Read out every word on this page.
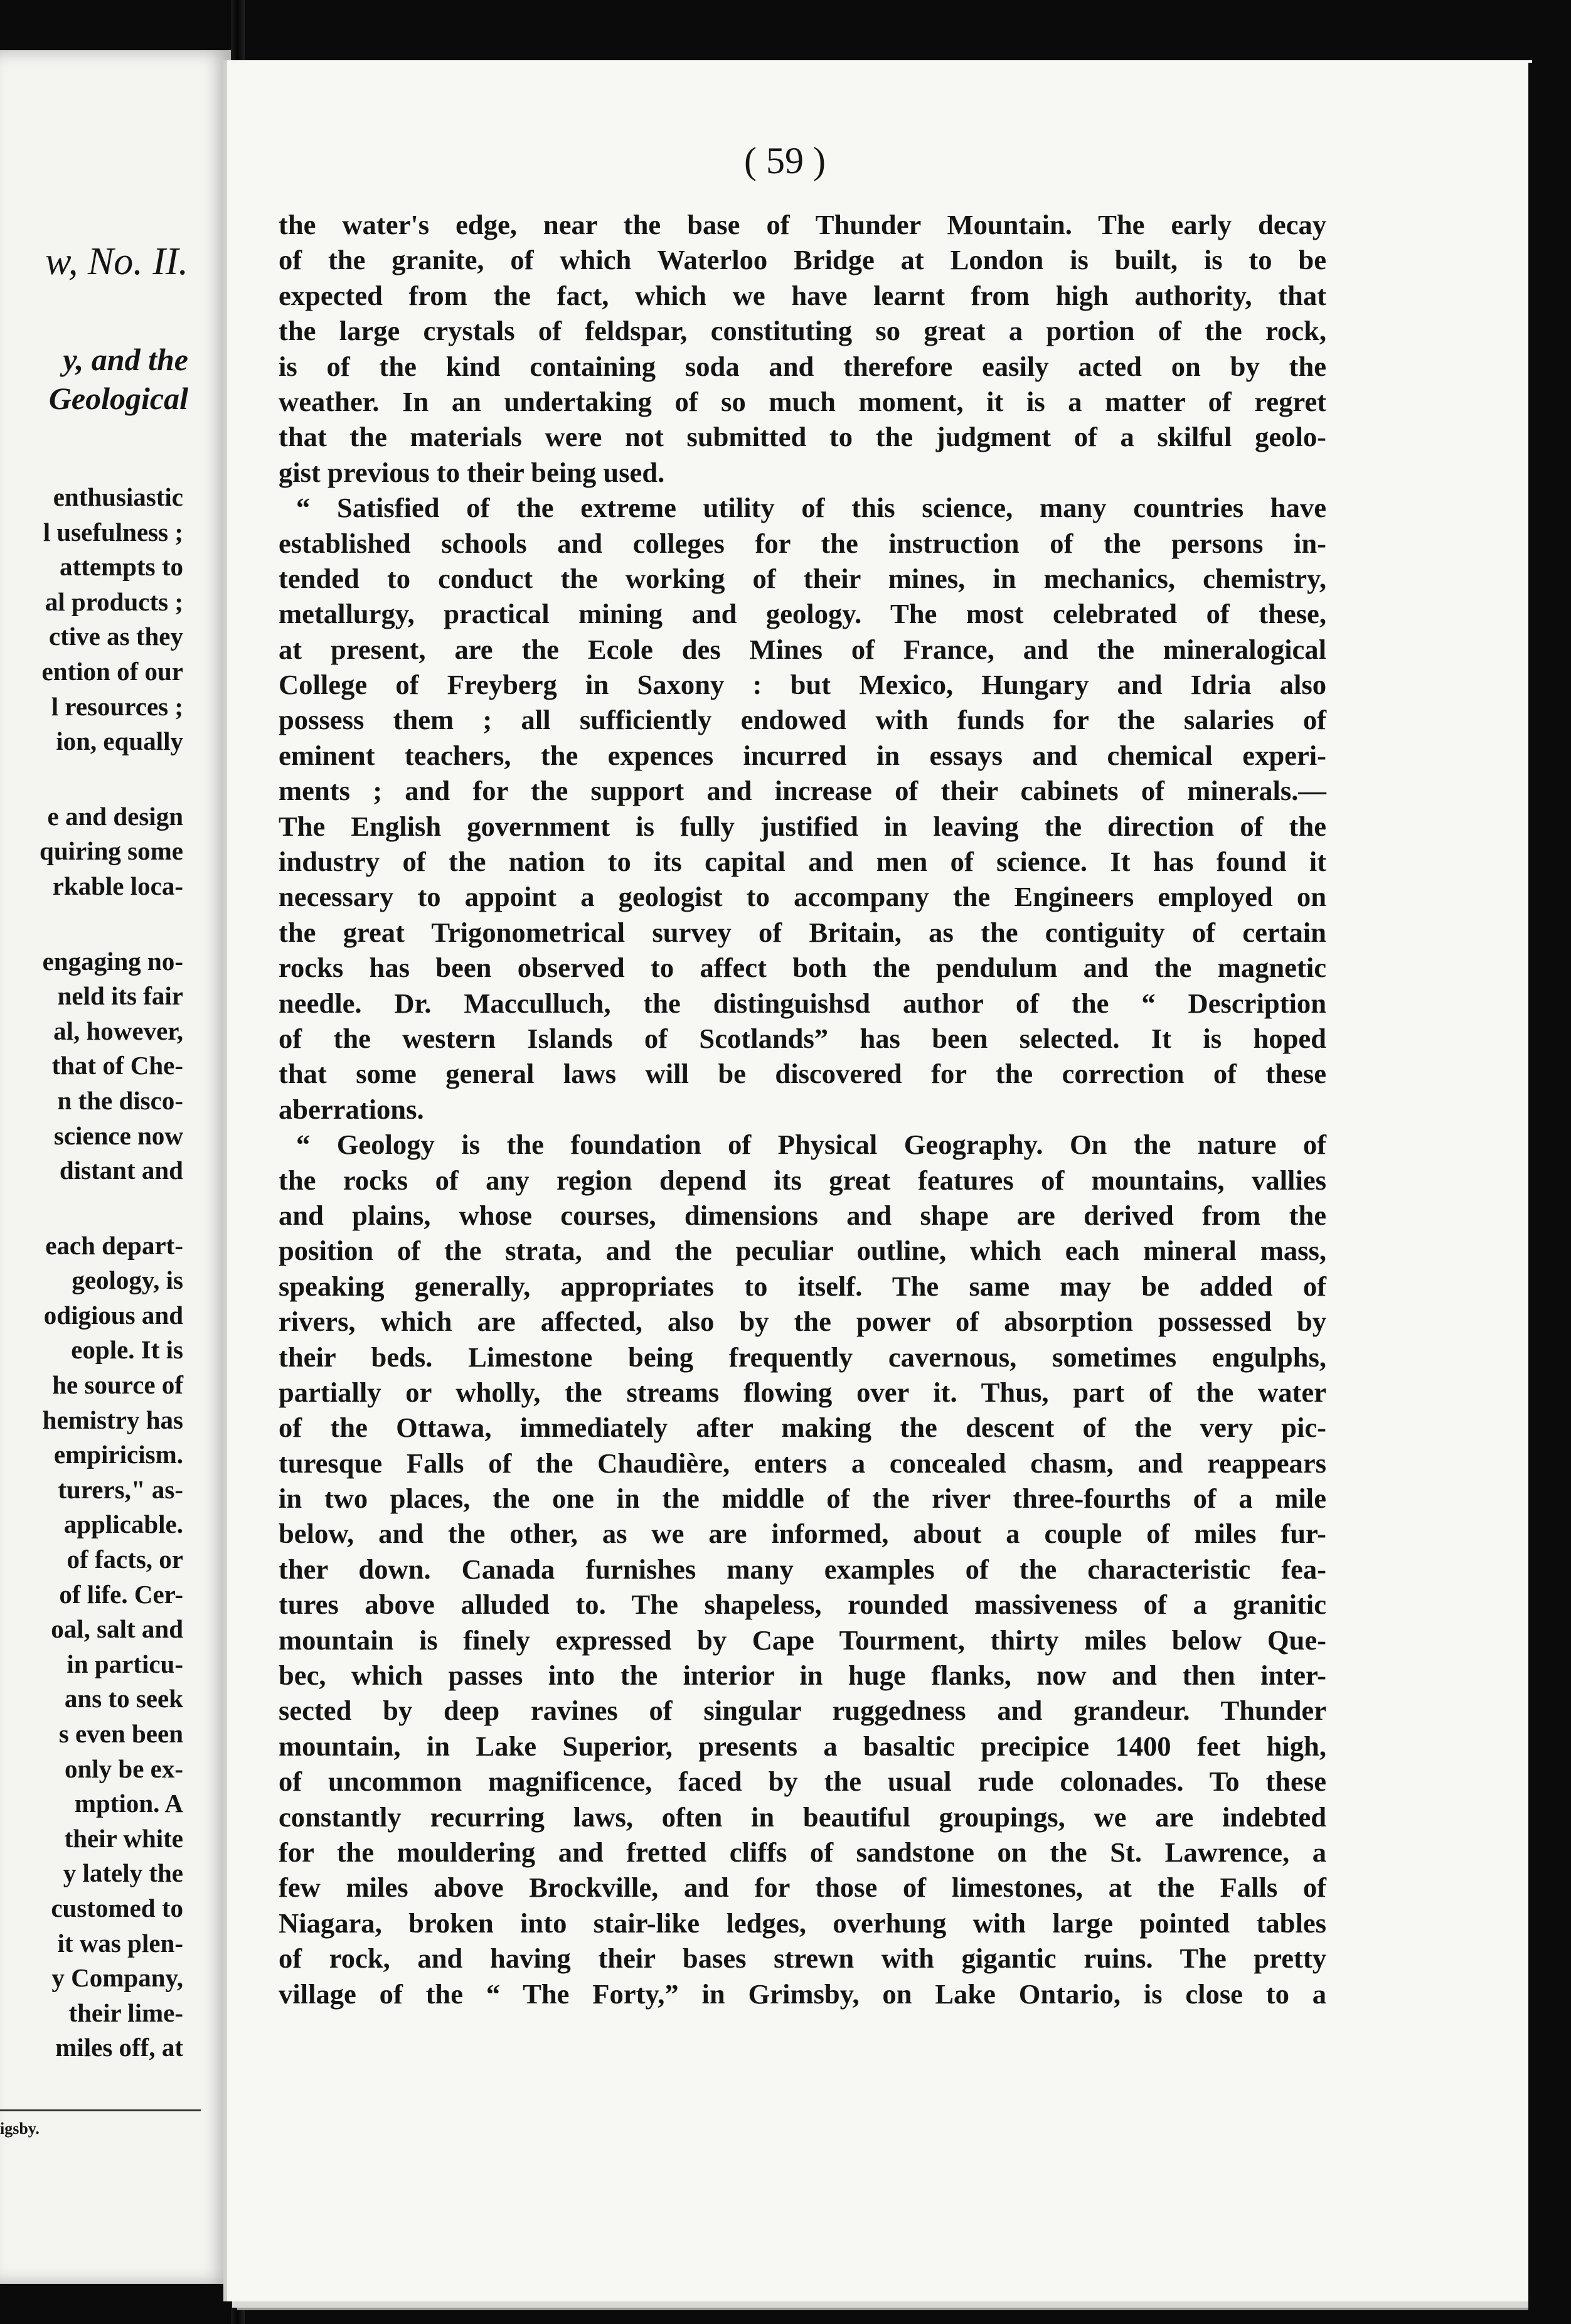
w, No. II.
y, and the
Geological
enthusiastic
l usefulness ;
attempts to
al products ;
ctive as they
ention of our
l resources ;
ion, equally
e and design
quiring some
rkable loca-
engaging no-
neld its fair
al, however,
that of Che-
n the disco-
science now
distant and
each depart-
geology, is
odigious and
eople. It is
he source of
hemistry has
empiricism.
turers," as-
applicable.
of facts, or
of life. Cer-
oal, salt and
in particu-
ans to seek
s even been
only be ex-
mption. A
their white
y lately the
customed to
it was plen-
y Company,
their lime-
miles off, at
igsby.
( 59 )
the water's edge, near the base of Thunder Mountain. The early decay
of the granite, of which Waterloo Bridge at London is built, is to be
expected from the fact, which we have learnt from high authority, that
the large crystals of feldspar, constituting so great a portion of the rock,
is of the kind containing soda and therefore easily acted on by the
weather. In an undertaking of so much moment, it is a matter of regret
that the materials were not submitted to the judgment of a skilful geolo-
gist previous to their being used.
“ Satisfied of the extreme utility of this science, many countries have
established schools and colleges for the instruction of the persons in-
tended to conduct the working of their mines, in mechanics, chemistry,
metallurgy, practical mining and geology. The most celebrated of these,
at present, are the Ecole des Mines of France, and the mineralogical
College of Freyberg in Saxony : but Mexico, Hungary and Idria also
possess them ; all sufficiently endowed with funds for the salaries of
eminent teachers, the expences incurred in essays and chemical experi-
ments ; and for the support and increase of their cabinets of minerals.—
The English government is fully justified in leaving the direction of the
industry of the nation to its capital and men of science. It has found it
necessary to appoint a geologist to accompany the Engineers employed on
the great Trigonometrical survey of Britain, as the contiguity of certain
rocks has been observed to affect both the pendulum and the magnetic
needle. Dr. Macculluch, the distinguishsd author of the “ Description
of the western Islands of Scotlands” has been selected. It is hoped
that some general laws will be discovered for the correction of these
aberrations.
“ Geology is the foundation of Physical Geography. On the nature of
the rocks of any region depend its great features of mountains, vallies
and plains, whose courses, dimensions and shape are derived from the
position of the strata, and the peculiar outline, which each mineral mass,
speaking generally, appropriates to itself. The same may be added of
rivers, which are affected, also by the power of absorption possessed by
their beds. Limestone being frequently cavernous, sometimes engulphs,
partially or wholly, the streams flowing over it. Thus, part of the water
of the Ottawa, immediately after making the descent of the very pic-
turesque Falls of the Chaudière, enters a concealed chasm, and reappears
in two places, the one in the middle of the river three-fourths of a mile
below, and the other, as we are informed, about a couple of miles fur-
ther down. Canada furnishes many examples of the characteristic fea-
tures above alluded to. The shapeless, rounded massiveness of a granitic
mountain is finely expressed by Cape Tourment, thirty miles below Que-
bec, which passes into the interior in huge flanks, now and then inter-
sected by deep ravines of singular ruggedness and grandeur. Thunder
mountain, in Lake Superior, presents a basaltic precipice 1400 feet high,
of uncommon magnificence, faced by the usual rude colonades. To these
constantly recurring laws, often in beautiful groupings, we are indebted
for the mouldering and fretted cliffs of sandstone on the St. Lawrence, a
few miles above Brockville, and for those of limestones, at the Falls of
Niagara, broken into stair-like ledges, overhung with large pointed tables
of rock, and having their bases strewn with gigantic ruins. The pretty
village of the “ The Forty,” in Grimsby, on Lake Ontario, is close to a
